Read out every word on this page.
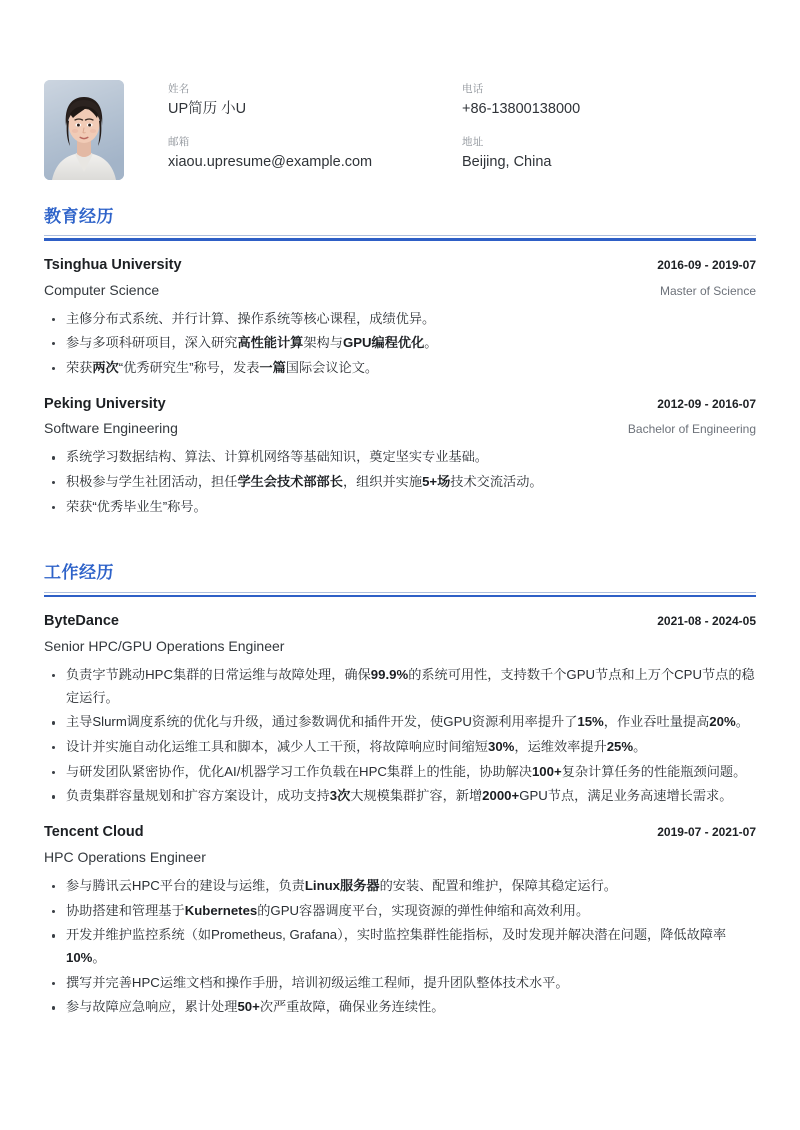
姓名
UP简历 小U
电话
+86-13800138000
邮箱
xiaou.upresume@example.com
地址
Beijing, China
教育经历
Tsinghua University	2016-09 - 2019-07
Computer Science	Master of Science
主修分布式系统、并行计算、操作系统等核心课程，成绩优异。
参与多项科研项目，深入研究高性能计算架构与GPU编程优化。
荣获两次“优秀研究生”称号，发表一篇国际会议论文。
Peking University	2012-09 - 2016-07
Software Engineering	Bachelor of Engineering
系统学习数据结构、算法、计算机网络等基础知识，奠定坚实专业基础。
积极参与学生社团活动，担任学生会技术部部长，组织并实施5+场技术交流活动。
荣获“优秀毕业生”称号。
工作经历
ByteDance	2021-08 - 2024-05
Senior HPC/GPU Operations Engineer
负责字节跳动HPC集群的日常运维与故障处理，确保99.9%的系统可用性，支持数千个GPU节点和上万个CPU节点的稳定运行。
主导Slurm调度系统的优化与升级，通过参数调优和插件开发，使GPU资源利用率提升了15%，作业吞吐量提高20%。
设计并实施自动化运维工具和脚本，减少人工干预，将故障响应时间缩短30%，运维效率提升25%。
与研发团队紧密协作，优化AI/机器学习工作负载在HPC集群上的性能，协助解决100+复杂计算任务的性能瓶颈问题。
负责集群容量规划和扩容方案设计，成功支持3次大规模集群扩容，新增2000+GPU节点，满足业务高速增长需求。
Tencent Cloud	2019-07 - 2021-07
HPC Operations Engineer
参与腾讯云HPC平台的建设与运维，负责Linux服务器的安装、配置和维护，保障其稳定运行。
协助搭建和管理基于Kubernetes的GPU容器调度平台，实现资源的弹性伸缩和高效利用。
开发并维护监控系统（如Prometheus, Grafana），实时监控集群性能指标，及时发现并解决潜在问题，降低故障率10%。
撰写并完善HPC运维文档和操作手册，培训初级运维工程师，提升团队整体技术水平。
参与故障应急响应，累计处理50+次严重故障，确保业务连续性。
